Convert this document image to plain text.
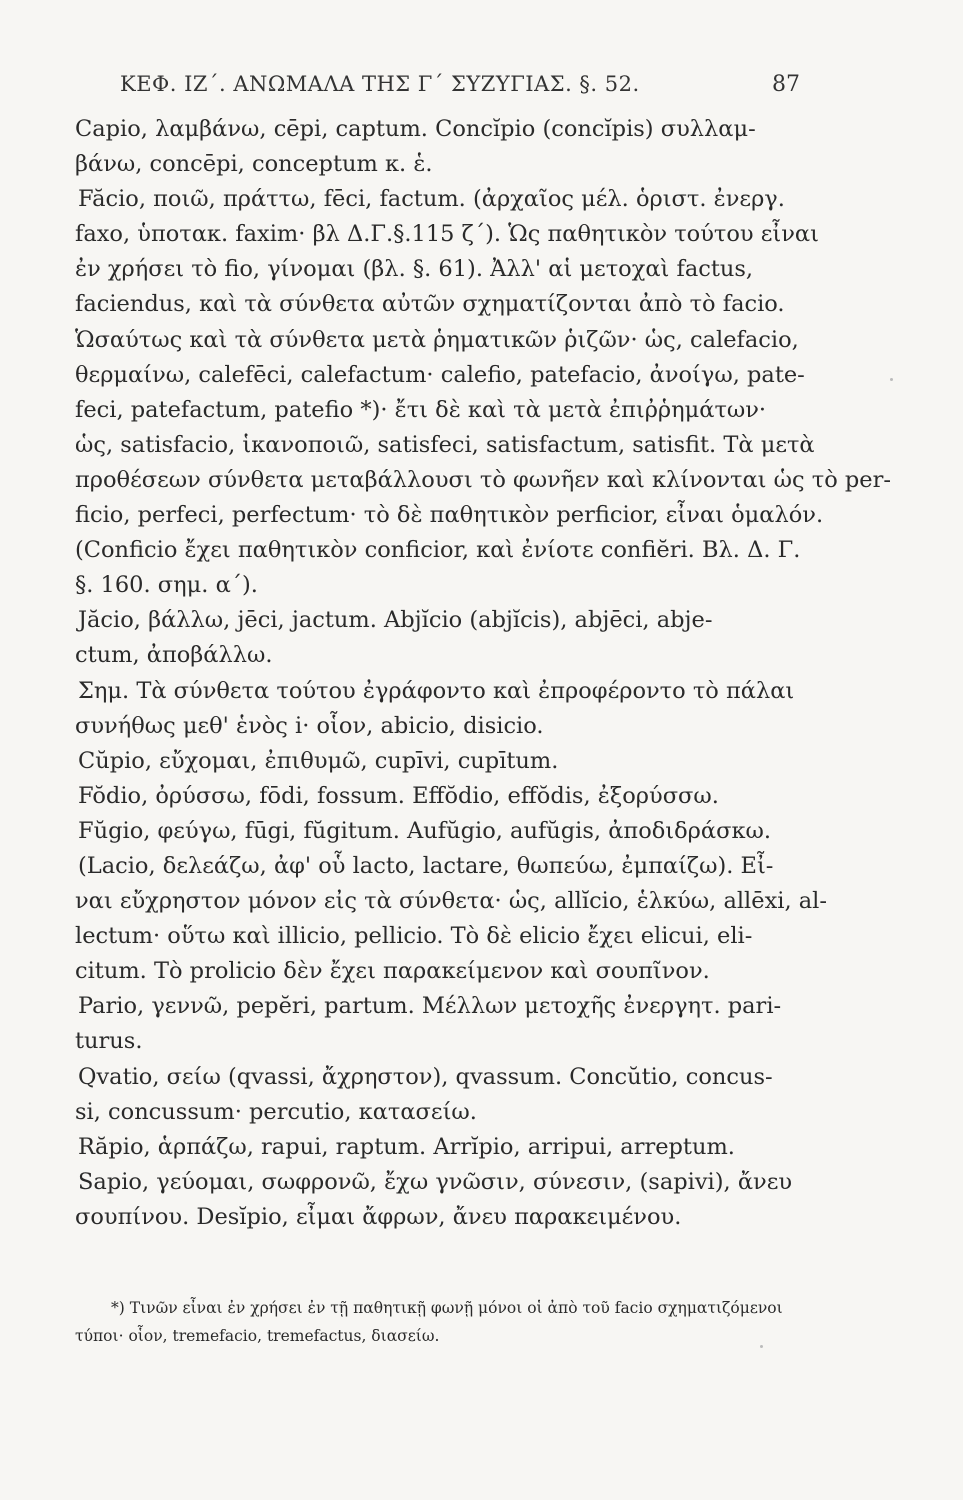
ΚΕΦ. ΙΖ΄. ΑΝΩΜΑΛΑ ΤΗΣ Γ΄ ΣΥΖΥΓΙΑΣ. §. 52.	87
Capio, λαμβάνω, cēpi, captum. Concĭpio (concĭpis) συλλαμ-
βάνω, concēpi, conceptum κ. ἑ.
Făcio, ποιῶ, πράττω, fēci, factum. (ἀρχαῖος μέλ. ὁριστ. ἐνεργ.
faxo, ὑποτακ. faxim· βλ Δ.Γ.§.115 ζ΄). Ὡς παθητικὸν τούτου εἶναι
ἐν χρήσει τὸ fio, γίνομαι (βλ. §. 61). Ἀλλ' αἱ μετοχαὶ factus,
faciendus, καὶ τὰ σύνθετα αὐτῶν σχηματίζονται ἀπὸ τὸ facio.
Ὡσαύτως καὶ τὰ σύνθετα μετὰ ῥηματικῶν ῥιζῶν· ὡς, calefacio,
θερμαίνω, calefēci, calefactum· calefio, patefacio, ἀνοίγω, pate-
feci, patefactum, patefio *)· ἔτι δὲ καὶ τὰ μετὰ ἐπιῤῥημάτων·
ὡς, satisfacio, ἱκανοποιῶ, satisfeci, satisfactum, satisfit. Τὰ μετὰ
προθέσεων σύνθετα μεταβάλλουσι τὸ φωνῆεν καὶ κλίνονται ὡς τὸ per-
ficio, perfeci, perfectum· τὸ δὲ παθητικὸν perficior, εἶναι ὁμαλόν.
(Conficio ἔχει παθητικὸν conficior, καὶ ἐνίοτε confiĕri. Βλ. Δ. Γ.
§. 160. σημ. α΄).
Jăcio, βάλλω, jēci, jactum. Abjĭcio (abjĭcis), abjēci, abje-
ctum, ἀποβάλλω.
Σημ. Τὰ σύνθετα τούτου ἐγράφοντο καὶ ἐπροφέροντο τὸ πάλαι
συνήθως μεθ' ἑνὸς i· οἷον, abicio, disicio.
Cŭpio, εὔχομαι, ἐπιθυμῶ, cupīvi, cupītum.
Fŏdio, ὀρύσσω, fōdi, fossum. Effŏdio, effŏdis, ἐξορύσσω.
Fŭgio, φεύγω, fūgi, fŭgitum. Aufŭgio, aufŭgis, ἀποδιδράσκω.
(Lacio, δελεάζω, ἀφ' οὗ lacto, lactare, θωπεύω, ἐμπαίζω). Εἶ-
ναι εὔχρηστον μόνον εἰς τὰ σύνθετα· ὡς, allĭcio, ἑλκύω, allēxi, al-
lectum· οὕτω καὶ illicio, pellicio. Τὸ δὲ elicio ἔχει elicui, eli-
citum. Τὸ prolicio δὲν ἔχει παρακείμενον καὶ σουπῖνον.
Pario, γεννῶ, pepĕri, partum. Μέλλων μετοχῆς ἐνεργητ. pari-
turus.
Qvatio, σείω (qvassi, ἄχρηστον), qvassum. Concŭtio, concus-
si, concussum· percutio, κατασείω.
Răpio, ἁρπάζω, rapui, raptum. Arrĭpio, arripui, arreptum.
Sapio, γεύομαι, σωφρονῶ, ἔχω γνῶσιν, σύνεσιν, (sapivi), ἄνευ
σουπίνου. Desĭpio, εἶμαι ἄφρων, ἄνευ παρακειμένου.
*) Τινῶν εἶναι ἐν χρήσει ἐν τῇ παθητικῇ φωνῇ μόνοι οἱ ἀπὸ τοῦ facio σχηματιζόμενοι
τύποι· οἷον, tremefacio, tremefactus, διασείω.
